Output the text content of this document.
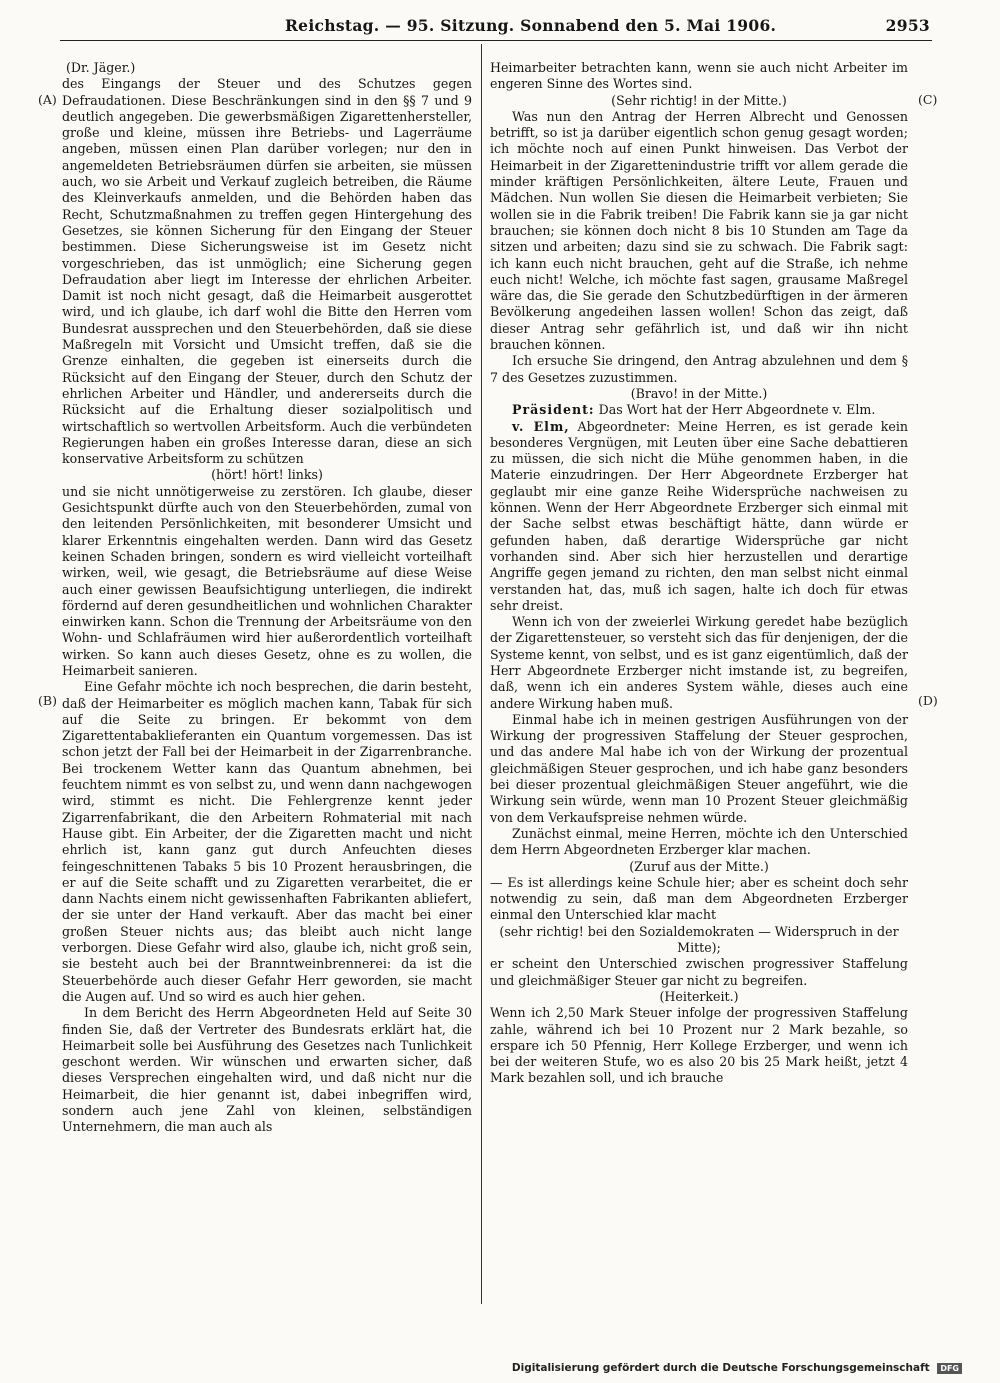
Reichstag. — 95. Sitzung. Sonnabend den 5. Mai 1906.	2953
(A)
(B)
(C)
(D)

(Dr. Jäger.)

des Eingangs der Steuer und des Schutzes gegen Defraudationen. Diese Beschränkungen sind in den §§ 7 und 9 deutlich angegeben. Die gewerbsmäßigen Zigarettenhersteller, große und kleine, müssen ihre Betriebs- und Lagerräume angeben, müssen einen Plan darüber vorlegen; nur den in angemeldeten Betriebsräumen dürfen sie arbeiten, sie müssen auch, wo sie Arbeit und Verkauf zugleich betreiben, die Räume des Kleinverkaufs anmelden, und die Behörden haben das Recht, Schutzmaßnahmen zu treffen gegen Hintergehung des Gesetzes, sie können Sicherung für den Eingang der Steuer bestimmen. Diese Sicherungsweise ist im Gesetz nicht vorgeschrieben, das ist unmöglich; eine Sicherung gegen Defraudation aber liegt im Interesse der ehrlichen Arbeiter. Damit ist noch nicht gesagt, daß die Heimarbeit ausgerottet wird, und ich glaube, ich darf wohl die Bitte den Herren vom Bundesrat aussprechen und den Steuerbehörden, daß sie diese Maßregeln mit Vorsicht und Umsicht treffen, daß sie die Grenze einhalten, die gegeben ist einerseits durch die Rücksicht auf den Eingang der Steuer, durch den Schutz der ehrlichen Arbeiter und Händler, und andererseits durch die Rücksicht auf die Erhaltung dieser sozialpolitisch und wirtschaftlich so wertvollen Arbeitsform. Auch die verbündeten Regierungen haben ein großes Interesse daran, diese an sich konservative Arbeitsform zu schützen

(hört! hört! links)

und sie nicht unnötigerweise zu zerstören. Ich glaube, dieser Gesichtspunkt dürfte auch von den Steuerbehörden, zumal von den leitenden Persönlichkeiten, mit besonderer Umsicht und klarer Erkenntnis eingehalten werden. Dann wird das Gesetz keinen Schaden bringen, sondern es wird vielleicht vorteilhaft wirken, weil, wie gesagt, die Betriebsräume auf diese Weise auch einer gewissen Beaufsichtigung unterliegen, die indirekt fördernd auf deren gesundheitlichen und wohnlichen Charakter einwirken kann. Schon die Trennung der Arbeitsräume von den Wohn- und Schlafräumen wird hier außerordentlich vorteilhaft wirken. So kann auch dieses Gesetz, ohne es zu wollen, die Heimarbeit sanieren.

Eine Gefahr möchte ich noch besprechen, die darin besteht, daß der Heimarbeiter es möglich machen kann, Tabak für sich auf die Seite zu bringen. Er bekommt von dem Zigarettentabaklieferanten ein Quantum vorgemessen. Das ist schon jetzt der Fall bei der Heimarbeit in der Zigarrenbranche. Bei trockenem Wetter kann das Quantum abnehmen, bei feuchtem nimmt es von selbst zu, und wenn dann nachgewogen wird, stimmt es nicht. Die Fehlergrenze kennt jeder Zigarrenfabrikant, die den Arbeitern Rohmaterial mit nach Hause gibt. Ein Arbeiter, der die Zigaretten macht und nicht ehrlich ist, kann ganz gut durch Anfeuchten dieses feingeschnittenen Tabaks 5 bis 10 Prozent herausbringen, die er auf die Seite schafft und zu Zigaretten verarbeitet, die er dann Nachts einem nicht gewissenhaften Fabrikanten abliefert, der sie unter der Hand verkauft. Aber das macht bei einer großen Steuer nichts aus; das bleibt auch nicht lange verborgen. Diese Gefahr wird also, glaube ich, nicht groß sein, sie besteht auch bei der Branntweinbrennerei: da ist die Steuerbehörde auch dieser Gefahr Herr geworden, sie macht die Augen auf. Und so wird es auch hier gehen.

In dem Bericht des Herrn Abgeordneten Held auf Seite 30 finden Sie, daß der Vertreter des Bundesrats erklärt hat, die Heimarbeit solle bei Ausführung des Gesetzes nach Tunlichkeit geschont werden. Wir wünschen und erwarten sicher, daß dieses Versprechen eingehalten wird, und daß nicht nur die Heimarbeit, die hier genannt ist, dabei inbegriffen wird, sondern auch jene Zahl von kleinen, selbständigen Unternehmern, die man auch als

Heimarbeiter betrachten kann, wenn sie auch nicht Arbeiter im engeren Sinne des Wortes sind.

(Sehr richtig! in der Mitte.)

Was nun den Antrag der Herren Albrecht und Genossen betrifft, so ist ja darüber eigentlich schon genug gesagt worden; ich möchte noch auf einen Punkt hinweisen. Das Verbot der Heimarbeit in der Zigarettenindustrie trifft vor allem gerade die minder kräftigen Persönlichkeiten, ältere Leute, Frauen und Mädchen. Nun wollen Sie diesen die Heimarbeit verbieten; Sie wollen sie in die Fabrik treiben! Die Fabrik kann sie ja gar nicht brauchen; sie können doch nicht 8 bis 10 Stunden am Tage da sitzen und arbeiten; dazu sind sie zu schwach. Die Fabrik sagt: ich kann euch nicht brauchen, geht auf die Straße, ich nehme euch nicht! Welche, ich möchte fast sagen, grausame Maßregel wäre das, die Sie gerade den Schutzbedürftigen in der ärmeren Bevölkerung angedeihen lassen wollen! Schon das zeigt, daß dieser Antrag sehr gefährlich ist, und daß wir ihn nicht brauchen können.

Ich ersuche Sie dringend, den Antrag abzulehnen und dem § 7 des Gesetzes zuzustimmen.

(Bravo! in der Mitte.)

Präsident: Das Wort hat der Herr Abgeordnete v. Elm.

v. Elm, Abgeordneter: Meine Herren, es ist gerade kein besonderes Vergnügen, mit Leuten über eine Sache debattieren zu müssen, die sich nicht die Mühe genommen haben, in die Materie einzudringen. Der Herr Abgeordnete Erzberger hat geglaubt mir eine ganze Reihe Widersprüche nachweisen zu können. Wenn der Herr Abgeordnete Erzberger sich einmal mit der Sache selbst etwas beschäftigt hätte, dann würde er gefunden haben, daß derartige Widersprüche gar nicht vorhanden sind. Aber sich hier herzustellen und derartige Angriffe gegen jemand zu richten, den man selbst nicht einmal verstanden hat, das, muß ich sagen, halte ich doch für etwas sehr dreist.

Wenn ich von der zweierlei Wirkung geredet habe bezüglich der Zigarettensteuer, so versteht sich das für denjenigen, der die Systeme kennt, von selbst, und es ist ganz eigentümlich, daß der Herr Abgeordnete Erzberger nicht imstande ist, zu begreifen, daß, wenn ich ein anderes System wähle, dieses auch eine andere Wirkung haben muß.

Einmal habe ich in meinen gestrigen Ausführungen von der Wirkung der progressiven Staffelung der Steuer gesprochen, und das andere Mal habe ich von der Wirkung der prozentual gleichmäßigen Steuer gesprochen, und ich habe ganz besonders bei dieser prozentual gleichmäßigen Steuer angeführt, wie die Wirkung sein würde, wenn man 10 Prozent Steuer gleichmäßig von dem Verkaufspreise nehmen würde.

Zunächst einmal, meine Herren, möchte ich den Unterschied dem Herrn Abgeordneten Erzberger klar machen.

(Zuruf aus der Mitte.)

— Es ist allerdings keine Schule hier; aber es scheint doch sehr notwendig zu sein, daß man dem Abgeordneten Erzberger einmal den Unterschied klar macht

(sehr richtig! bei den Sozialdemokraten — Widerspruch in der Mitte);

er scheint den Unterschied zwischen progressiver Staffelung und gleichmäßiger Steuer gar nicht zu begreifen.

(Heiterkeit.)

Wenn ich 2,50 Mark Steuer infolge der progressiven Staffelung zahle, während ich bei 10 Prozent nur 2 Mark bezahle, so erspare ich 50 Pfennig, Herr Kollege Erzberger, und wenn ich bei der weiteren Stufe, wo es also 20 bis 25 Mark heißt, jetzt 4 Mark bezahlen soll, und ich brauche

Digitalisierung gefördert durch die Deutsche Forschungsgemeinschaft DFG
